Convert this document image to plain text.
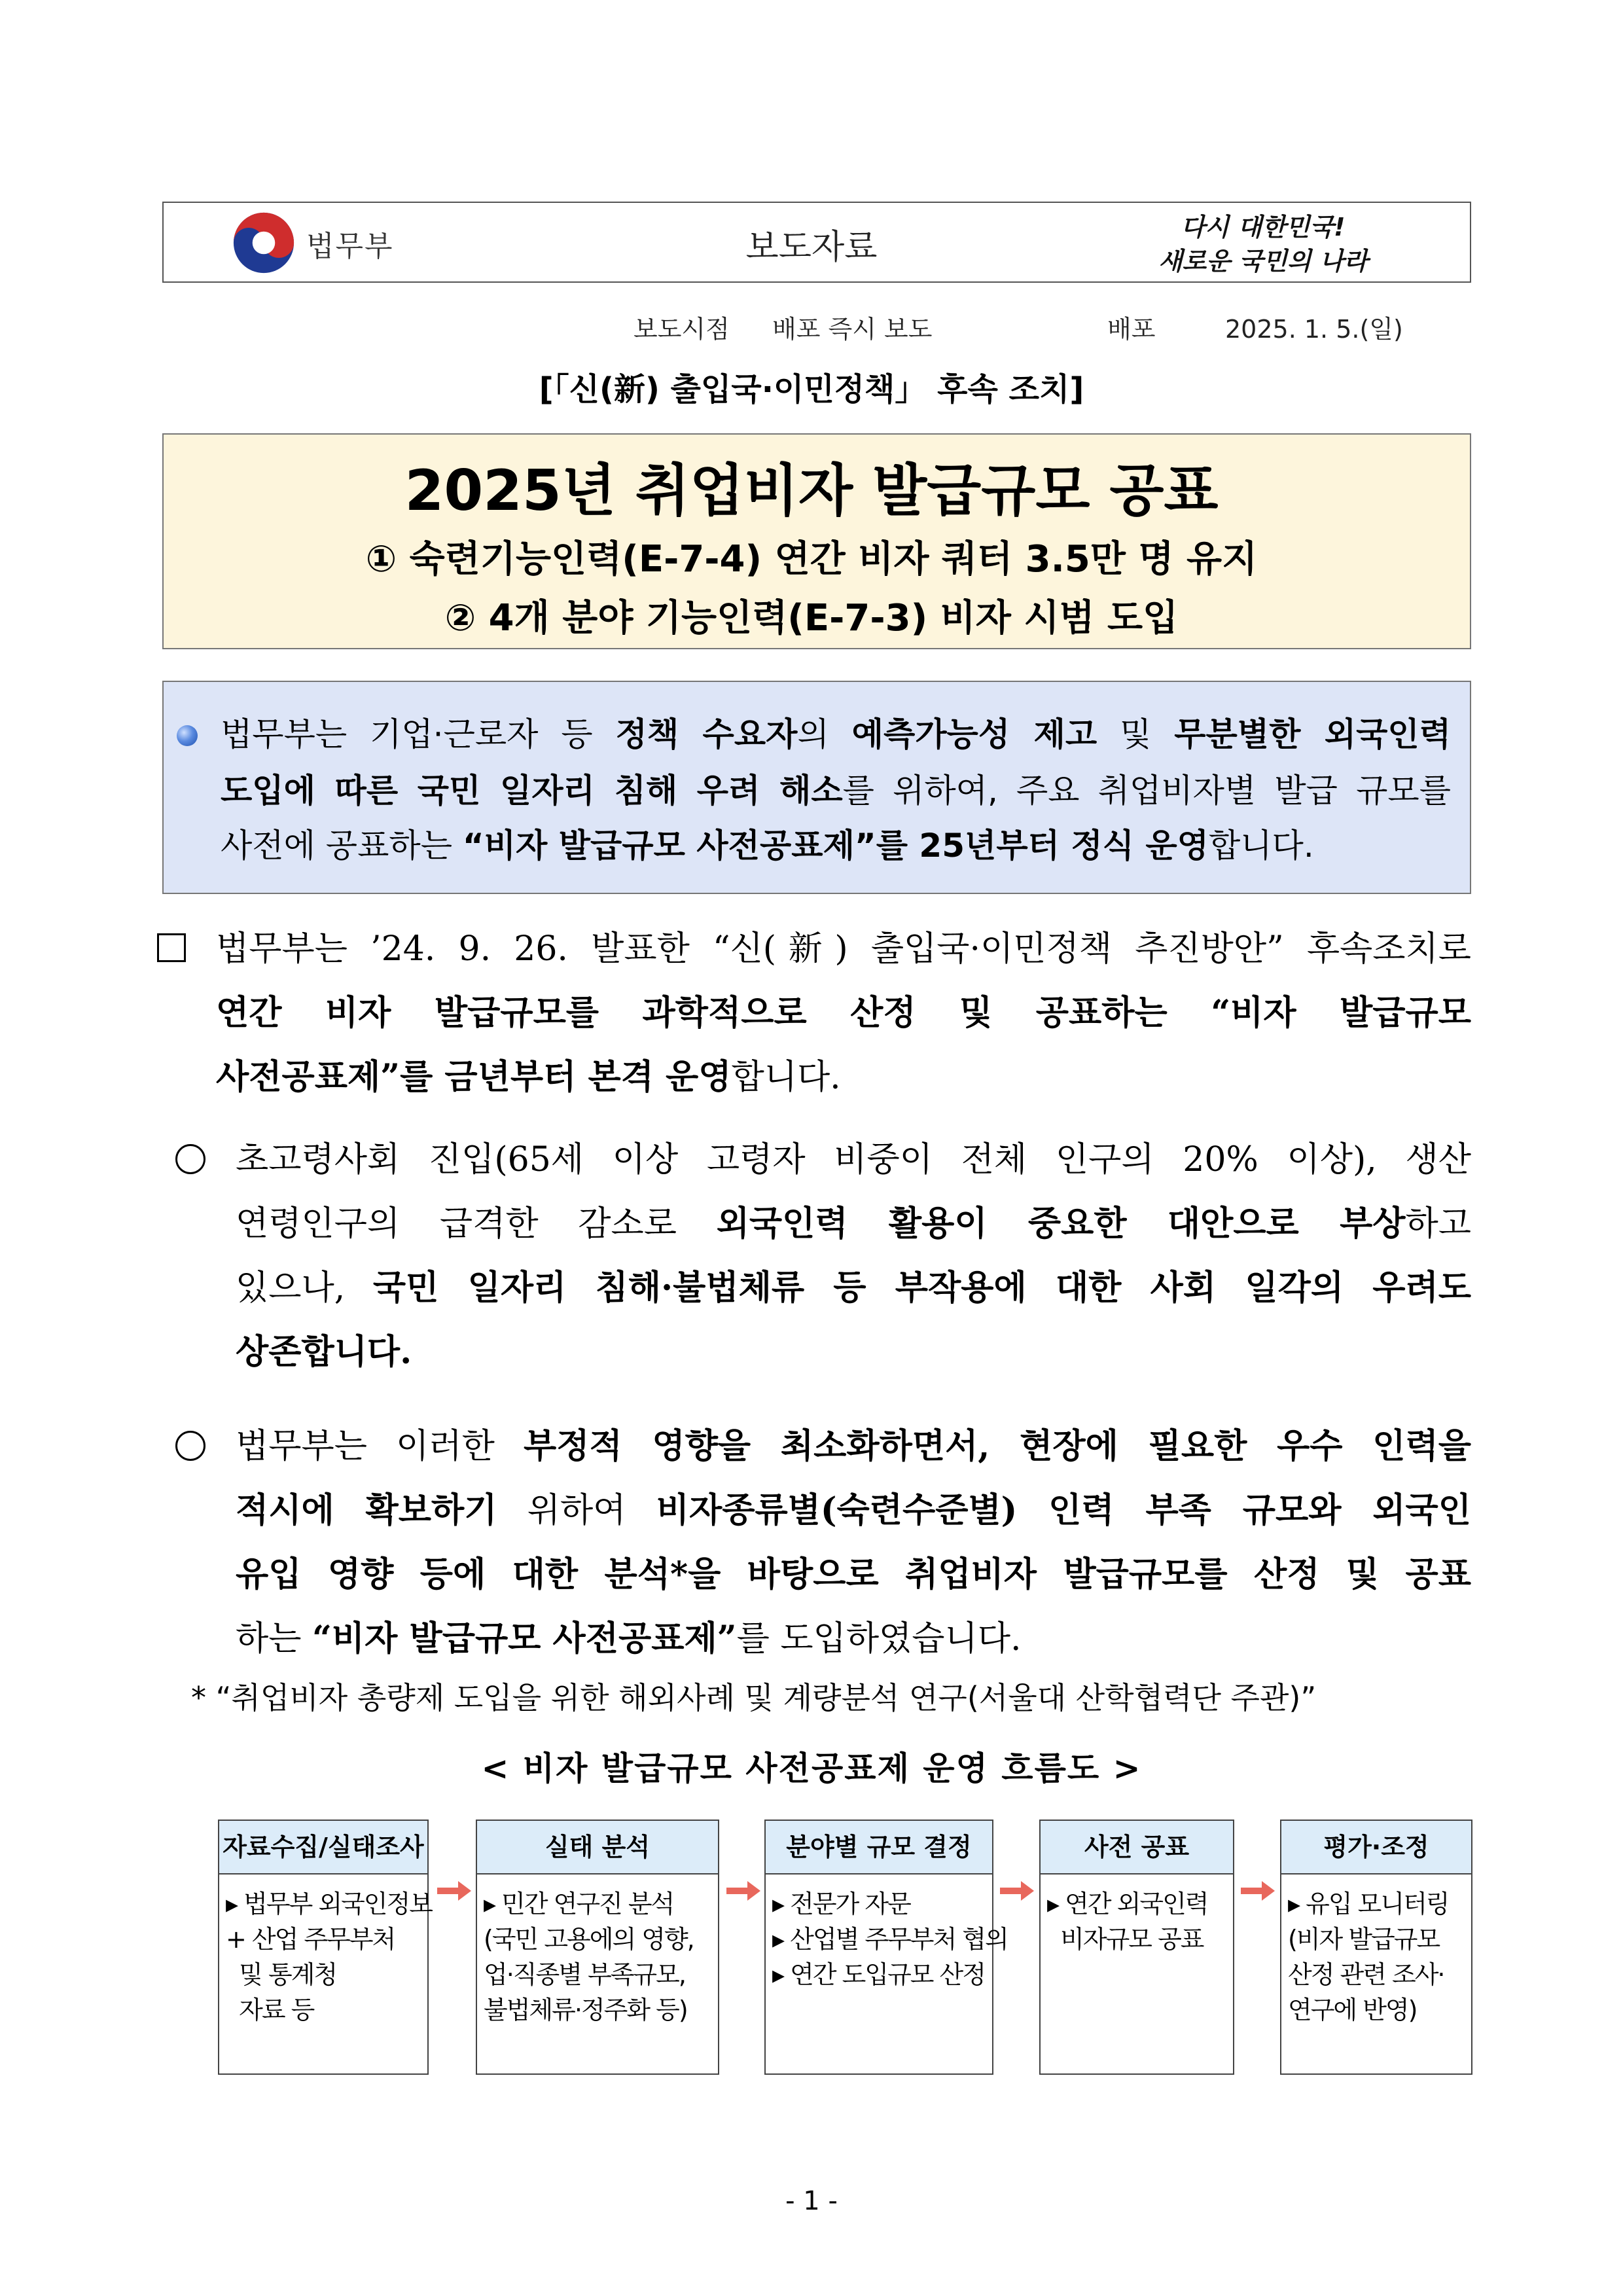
법무부	보도자료
다시 대한민국!
새로운 국민의 나라
보도시점 배포 즉시 보도	배포	2025. 1. 5.(일)
[「신(新) 출입국·이민정책」 후속 조치]
2025년 취업비자 발급규모 공표
① 숙련기능인력(E-7-4) 연간 비자 쿼터 3.5만 명 유지
② 4개 분야 기능인력(E-7-3) 비자 시범 도입
법무부는 기업·근로자 등 정책 수요자의 예측가능성 제고 및 무분별한 외국인력
도입에 따른 국민 일자리 침해 우려 해소를 위하여, 주요 취업비자별 발급 규모를
사전에 공표하는 “비자 발급규모 사전공표제”를 25년부터 정식 운영합니다.
법무부는 ’24. 9. 26. 발표한 “신(新) 출입국·이민정책 추진방안” 후속조치로
연간 비자 발급규모를 과학적으로 산정 및 공표하는 “비자 발급규모
사전공표제”를 금년부터 본격 운영합니다.
초고령사회 진입(65세 이상 고령자 비중이 전체 인구의 20% 이상), 생산
연령인구의 급격한 감소로 외국인력 활용이 중요한 대안으로 부상하고
있으나, 국민 일자리 침해·불법체류 등 부작용에 대한 사회 일각의 우려도
상존합니다.
법무부는 이러한 부정적 영향을 최소화하면서, 현장에 필요한 우수 인력을
적시에 확보하기 위하여 비자종류별(숙련수준별) 인력 부족 규모와 외국인
유입 영향 등에 대한 분석*을 바탕으로 취업비자 발급규모를 산정 및 공표
하는 “비자 발급규모 사전공표제”를 도입하였습니다.
* “취업비자 총량제 도입을 위한 해외사례 및 계량분석 연구(서울대 산학협력단 주관)”
< 비자 발급규모 사전공표제 운영 흐름도 >
자료수집/실태조사
▸ 법무부 외국인정보
+ 산업 주무부처
및 통계청
자료 등
실태 분석
▸ 민간 연구진 분석
(국민 고용에의 영향,
업·직종별 부족규모,
불법체류·정주화 등)
분야별 규모 결정
▸ 전문가 자문
▸ 산업별 주무부처 협의
▸ 연간 도입규모 산정
사전 공표
▸ 연간 외국인력
비자규모 공표
평가·조정
▸ 유입 모니터링
(비자 발급규모
산정 관련 조사·
연구에 반영)
- 1 -
